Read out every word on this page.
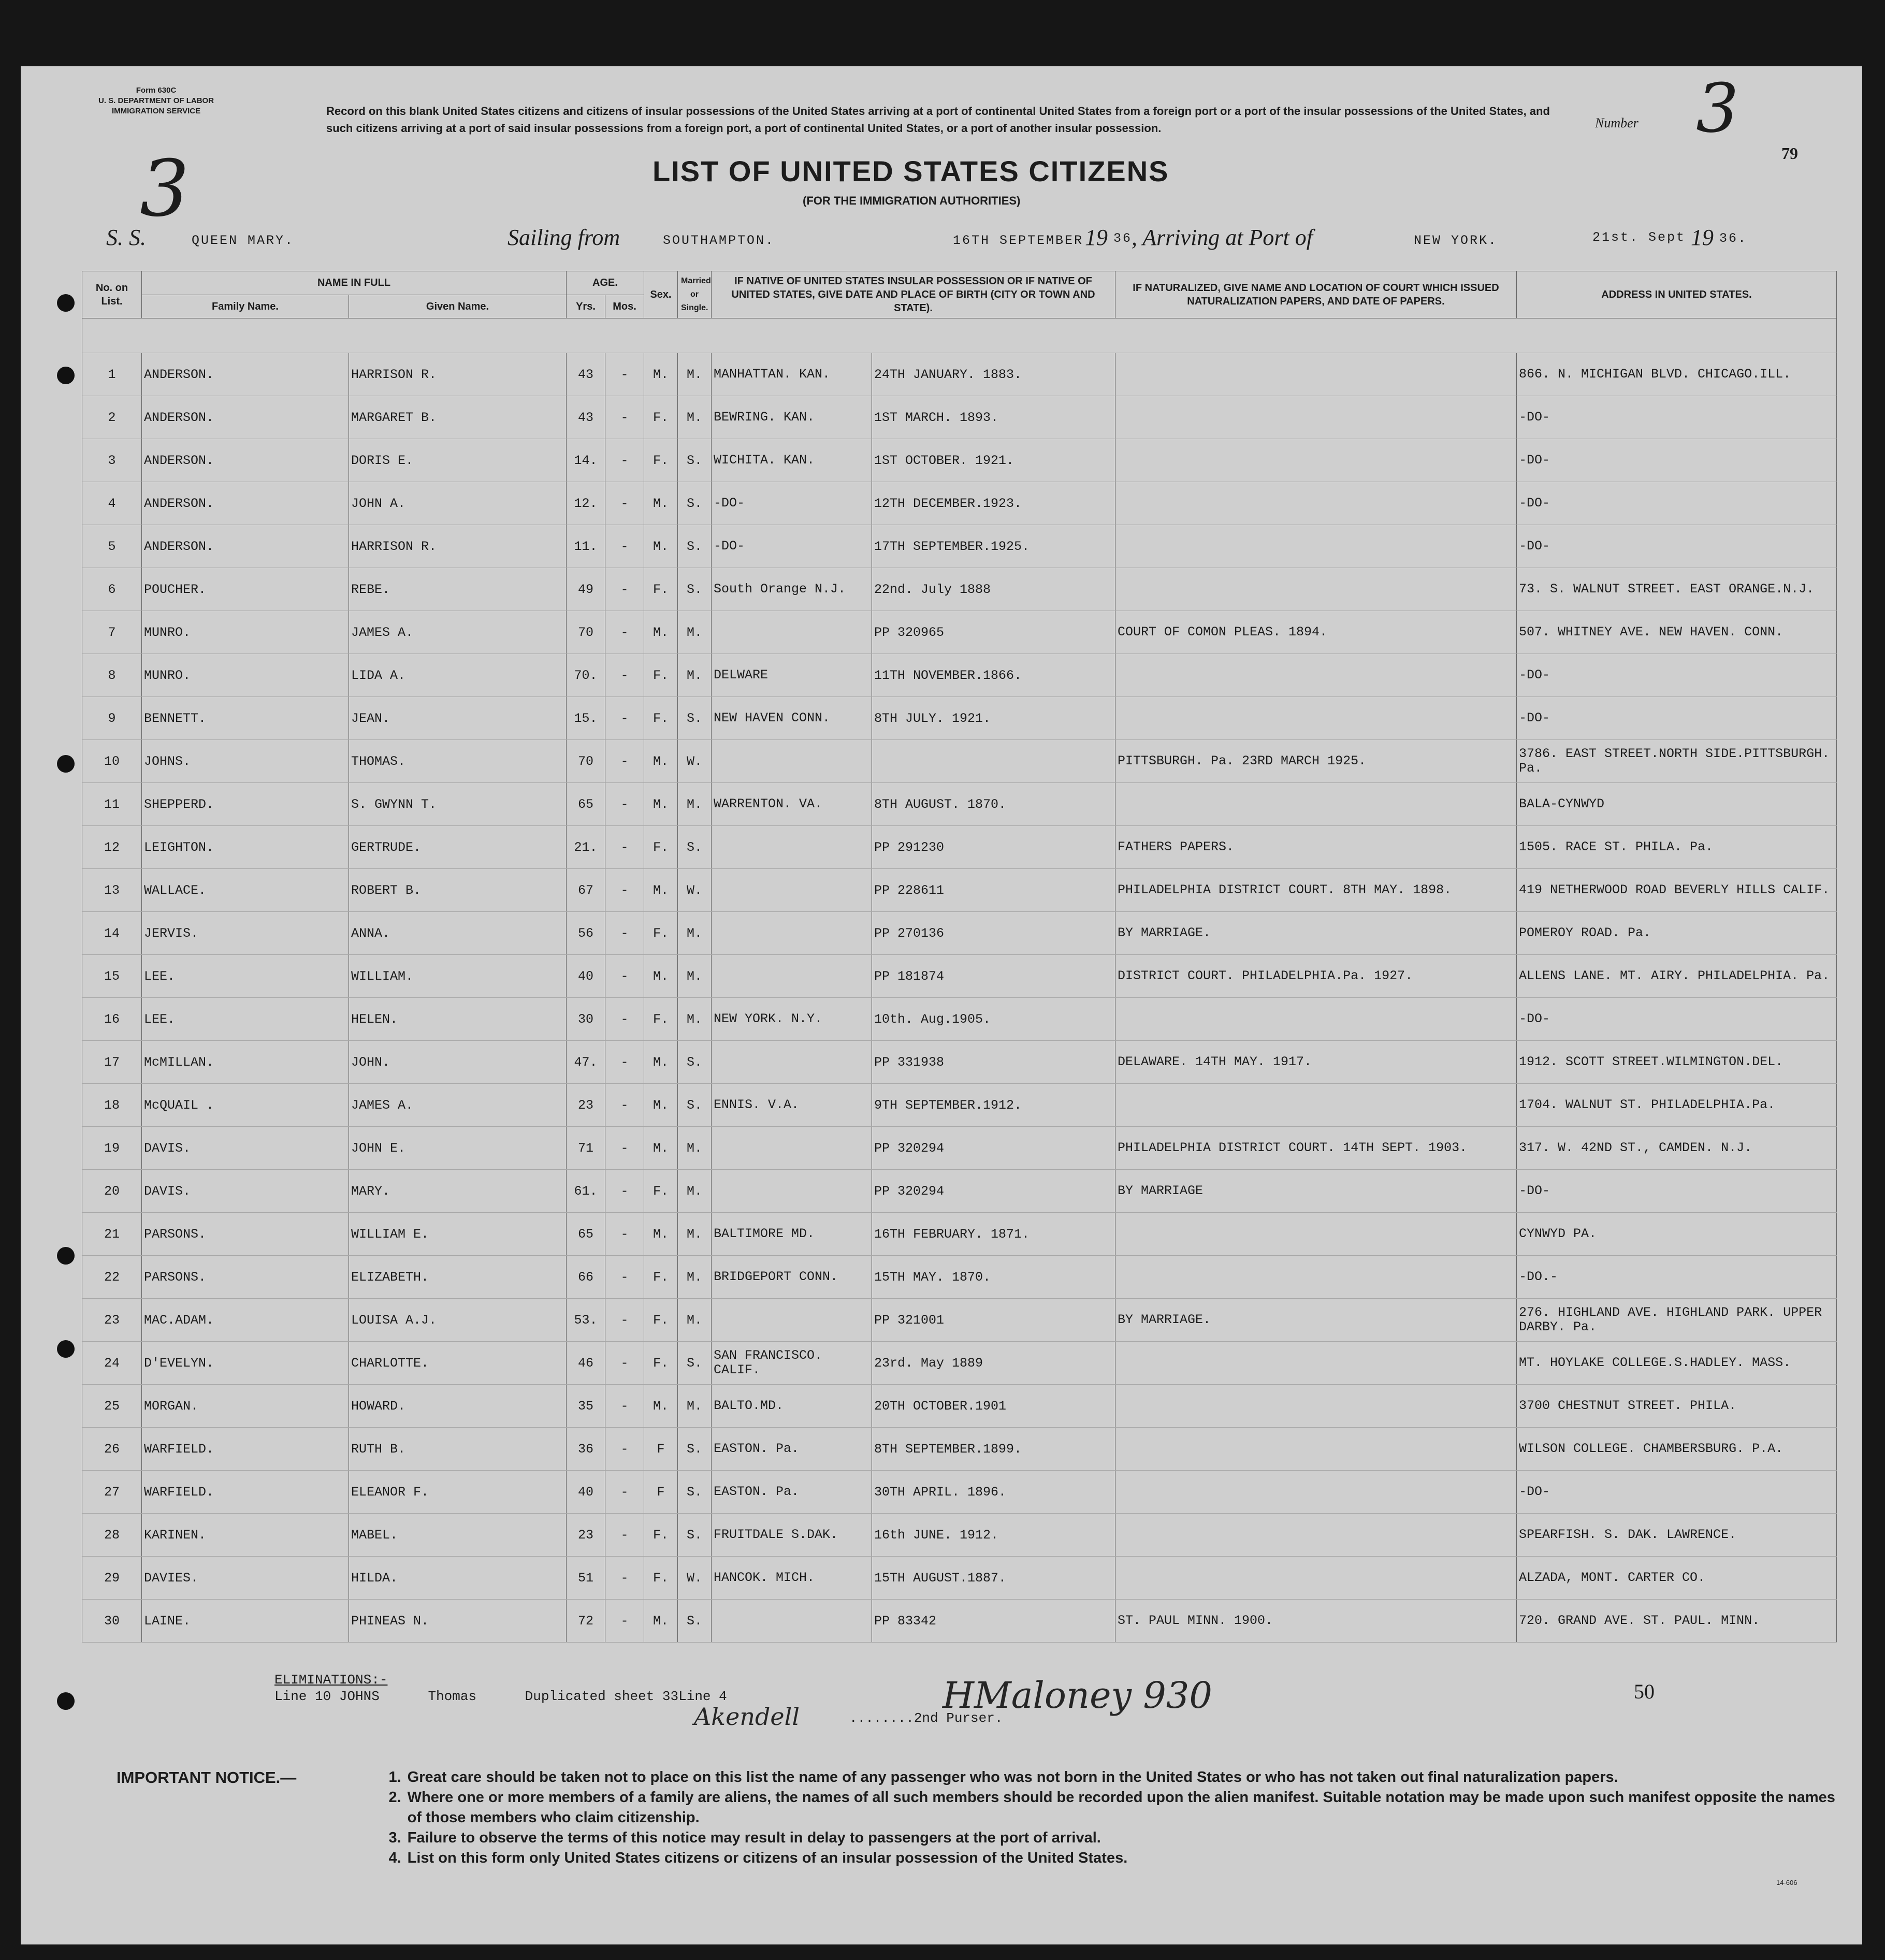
Form 630C
U. S. DEPARTMENT OF LABOR
IMMIGRATION SERVICE
3
Record on this blank United States citizens and citizens of insular possessions of the United States arriving at a port of continental United States from a foreign port or a port of the insular possessions of the United States, and such citizens arriving at a port of said insular possessions from a foreign port, a port of continental United States, or a port of another insular possession.	Number 3
79
LIST OF UNITED STATES CITIZENS
(FOR THE IMMIGRATION AUTHORITIES)
S. S.	QUEEN MARY.	Sailing from	SOUTHAMPTON.	16TH SEPTEMBER 19 36
, Arriving at Port of	NEW YORK.	21st. Sept 19 36.
No. on List.	NAME IN FULL		AGE.		Sex.	Married or Single.	IF NATIVE OF UNITED STATES INSULAR POSSESSION OR IF NATIVE OF UNITED STATES, GIVE DATE AND PLACE OF BIRTH (CITY OR TOWN AND STATE).		IF NATURALIZED, GIVE NAME AND LOCATION OF COURT WHICH ISSUED NATURALIZATION PAPERS, AND DATE OF PAPERS.	ADDRESS IN UNITED STATES.
	Family Name.	Given Name.	Yrs.	Mos.						

1	ANDERSON.	HARRISON R.	43	-	M.	M.	MANHATTAN. KAN.	24TH JANUARY. 1883.		866. N. MICHIGAN BLVD. CHICAGO.ILL.
2	ANDERSON.	MARGARET B.	43	-	F.	M.	BEWRING. KAN.	1ST MARCH. 1893.		-DO-
3	ANDERSON.	DORIS E.	14.	-	F.	S.	WICHITA. KAN.	1ST OCTOBER. 1921.		-DO-
4	ANDERSON.	JOHN A.	12.	-	M.	S.	-DO-	12TH DECEMBER.1923.		-DO-
5	ANDERSON.	HARRISON R.	11.	-	M.	S.	-DO-	17TH SEPTEMBER.1925.		-DO-
6	POUCHER.	REBE.	49	-	F.	S.	South Orange N.J.	22nd. July 1888		73. S. WALNUT STREET. EAST ORANGE.N.J.
7	MUNRO.	JAMES A.	70	-	M.	M.		PP 320965	COURT OF COMON PLEAS. 1894.	507. WHITNEY AVE. NEW HAVEN. CONN.
8	MUNRO.	LIDA A.	70.	-	F.	M.	DELWARE	11TH NOVEMBER.1866.		-DO-
9	BENNETT.	JEAN.	15.	-	F.	S.	NEW HAVEN CONN.	8TH JULY. 1921.		-DO-
10	JOHNS.	THOMAS.	70	-	M.	W.			PITTSBURGH. Pa. 23RD MARCH 1925.	3786. EAST STREET.NORTH SIDE.PITTSBURGH. Pa.
11	SHEPPERD.	S. GWYNN T.	65	-	M.	M.	WARRENTON. VA.	8TH AUGUST. 1870.		BALA-CYNWYD
12	LEIGHTON.	GERTRUDE.	21.	-	F.	S.		PP 291230	FATHERS PAPERS.	1505. RACE ST. PHILA. Pa.
13	WALLACE.	ROBERT B.	67	-	M.	W.		PP 228611	PHILADELPHIA DISTRICT COURT. 8TH MAY. 1898.	419 NETHERWOOD ROAD BEVERLY HILLS CALIF.
14	JERVIS.	ANNA.	56	-	F.	M.		PP 270136	BY MARRIAGE.	POMEROY ROAD. Pa.
15	LEE.	WILLIAM.	40	-	M.	M.		PP 181874	DISTRICT COURT. PHILADELPHIA.Pa. 1927.	ALLENS LANE. MT. AIRY. PHILADELPHIA. Pa.
16	LEE.	HELEN.	30	-	F.	M.	NEW YORK. N.Y.	10th. Aug.1905.		-DO-
17	McMILLAN.	JOHN.	47.	-	M.	S.		PP 331938	DELAWARE. 14TH MAY. 1917.	1912. SCOTT STREET.WILMINGTON.DEL.
18	McQUAIL .	JAMES A.	23	-	M.	S.	ENNIS. V.A.	9TH SEPTEMBER.1912.		1704. WALNUT ST. PHILADELPHIA.Pa.
19	DAVIS.	JOHN E.	71	-	M.	M.		PP 320294	PHILADELPHIA DISTRICT COURT. 14TH SEPT. 1903.	317. W. 42ND ST., CAMDEN. N.J.
20	DAVIS.	MARY.	61.	-	F.	M.		PP 320294	BY MARRIAGE	-DO-
21	PARSONS.	WILLIAM E.	65	-	M.	M.	BALTIMORE MD.	16TH FEBRUARY. 1871.		CYNWYD PA.
22	PARSONS.	ELIZABETH.	66	-	F.	M.	BRIDGEPORT CONN.	15TH MAY. 1870.		-DO.-
23	MAC.ADAM.	LOUISA A.J.	53.	-	F.	M.		PP 321001	BY MARRIAGE.	276. HIGHLAND AVE. HIGHLAND PARK. UPPER DARBY. Pa.
24	D'EVELYN.	CHARLOTTE.	46	-	F.	S.	SAN FRANCISCO. CALIF.	23rd. May 1889		MT. HOYLAKE COLLEGE.S.HADLEY. MASS.
25	MORGAN.	HOWARD.	35	-	M.	M.	BALTO.MD.	20TH OCTOBER.1901		3700 CHESTNUT STREET. PHILA.
26	WARFIELD.	RUTH B.	36	-	F	S.	EASTON. Pa.	8TH SEPTEMBER.1899.		WILSON COLLEGE. CHAMBERSBURG. P.A.
27	WARFIELD.	ELEANOR F.	40	-	F	S.	EASTON. Pa.	30TH APRIL. 1896.		-DO-
28	KARINEN.	MABEL.	23	-	F.	S.	FRUITDALE S.DAK.	16th JUNE. 1912.		SPEARFISH. S. DAK. LAWRENCE.
29	DAVIES.	HILDA.	51	-	F.	W.	HANCOK. MICH.	15TH AUGUST.1887.		ALZADA, MONT. CARTER CO.
30	LAINE.	PHINEAS N.	72	-	M.	S.		PP 83342	ST. PAUL MINN. 1900.	720. GRAND AVE. ST. PAUL. MINN.
ELIMINATIONS:-
Line 10 JOHNS      Thomas      Duplicated sheet 33Line 4	HMaloney 930
Akendell	........2nd Purser.
50
IMPORTANT NOTICE.—	1. Great care should be taken not to place on this list the name of any passenger who was not born in the United States or who has not taken out final naturalization papers.
2. Where one or more members of a family are aliens, the names of all such members should be recorded upon the alien manifest. Suitable notation may be made upon such manifest opposite the names of those members who claim citizenship.
3. Failure to observe the terms of this notice may result in delay to passengers at the port of arrival.
4. List on this form only United States citizens or citizens of an insular possession of the United States.
14-606
